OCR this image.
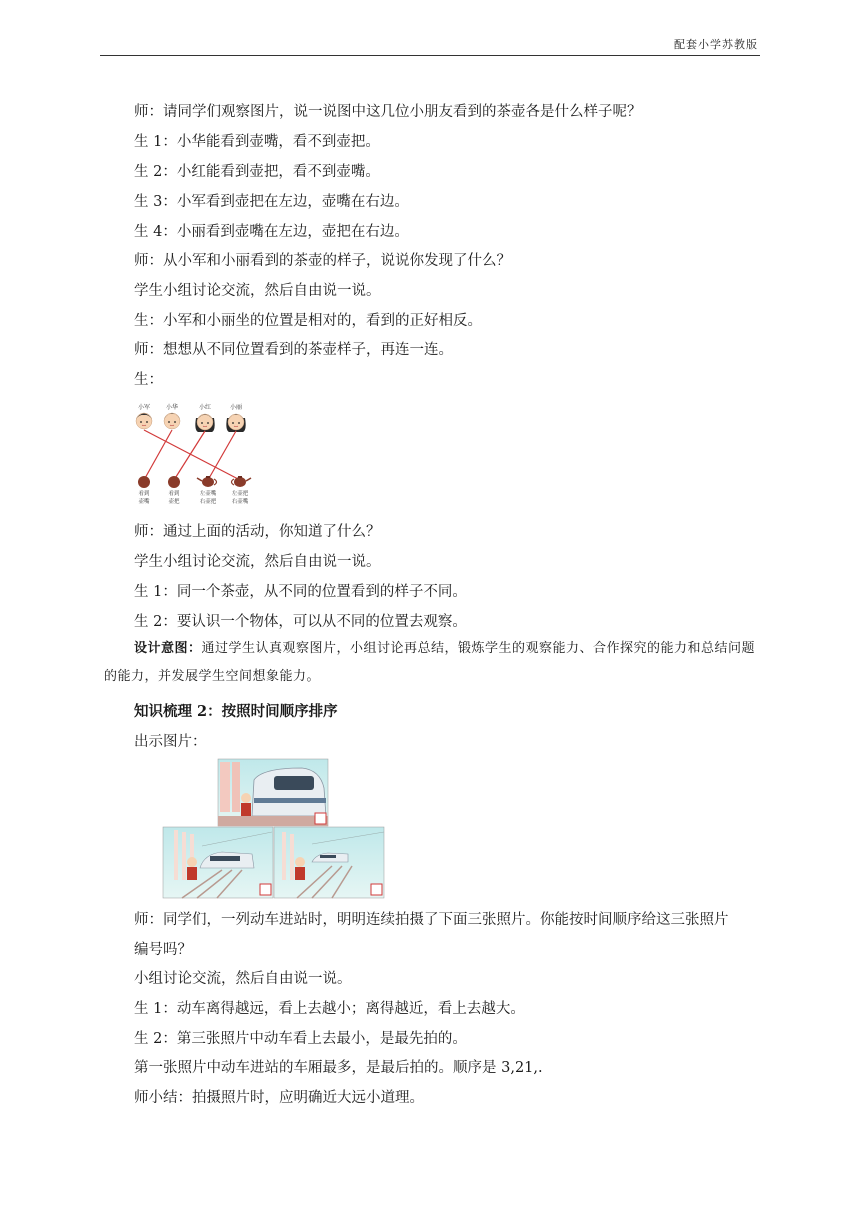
配套小学苏教版
师：请同学们观察图片，说一说图中这几位小朋友看到的茶壶各是什么样子呢？
生 1：小华能看到壶嘴，看不到壶把。
生 2：小红能看到壶把，看不到壶嘴。
生 3：小军看到壶把在左边，壶嘴在右边。
生 4：小丽看到壶嘴在左边，壶把在右边。
师：从小军和小丽看到的茶壶的样子，说说你发现了什么？
学生小组讨论交流，然后自由说一说。
生：小军和小丽坐的位置是相对的，看到的正好相反。
师：想想从不同位置看到的茶壶样子，再连一连。
生：
小军	小华	小红	小丽
看到
壶嘴
看到
壶把
左壶嘴
右壶把
左壶把
右壶嘴
师：通过上面的活动，你知道了什么？
学生小组讨论交流，然后自由说一说。
生 1：同一个茶壶，从不同的位置看到的样子不同。
生 2：要认识一个物体，可以从不同的位置去观察。

设计意图：通过学生认真观察图片，小组讨论再总结，锻炼学生的观察能力、合作探究的能力和总结问题的能力，并发展学生空间想象能力。

知识梳理 2：按照时间顺序排序
出示图片：
师：同学们，一列动车进站时，明明连续拍摄了下面三张照片。你能按时间顺序给这三张照片
编号吗？
小组讨论交流，然后自由说一说。
生 1：动车离得越远，看上去越小；离得越近，看上去越大。
生 2：第三张照片中动车看上去最小，是最先拍的。
第一张照片中动车进站的车厢最多，是最后拍的。顺序是 3,21,.
师小结：拍摄照片时，应明确近大远小道理。
